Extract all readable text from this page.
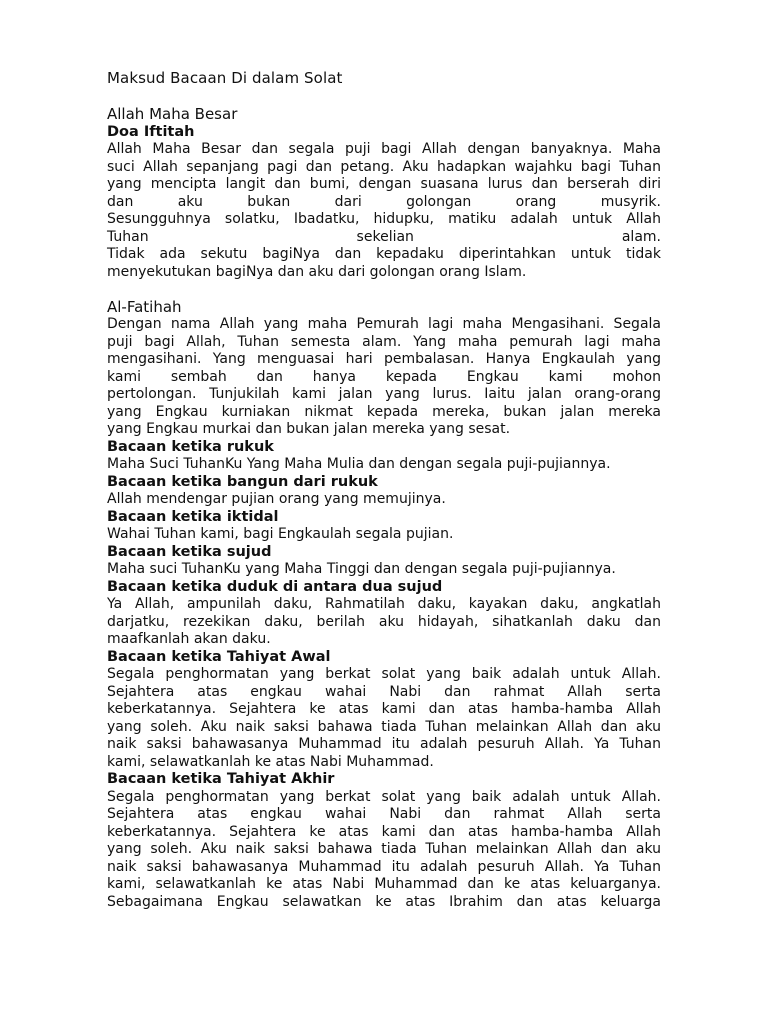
Maksud Bacaan Di dalam Solat
Allah Maha Besar
Doa Iftitah
Allah Maha Besar dan segala puji bagi Allah dengan banyaknya. Maha
suci Allah sepanjang pagi dan petang. Aku hadapkan wajahku bagi Tuhan
yang mencipta langit dan bumi, dengan suasana lurus dan berserah diri
dan aku bukan dari golongan orang musyrik.
Sesungguhnya solatku, Ibadatku, hidupku, matiku adalah untuk Allah
Tuhan sekelian alam.
Tidak ada sekutu bagiNya dan kepadaku diperintahkan untuk tidak
menyekutukan bagiNya dan aku dari golongan orang Islam.
Al-Fatihah
Dengan nama Allah yang maha Pemurah lagi maha Mengasihani. Segala
puji bagi Allah, Tuhan semesta alam. Yang maha pemurah lagi maha
mengasihani. Yang menguasai hari pembalasan. Hanya Engkaulah yang
kami sembah dan hanya kepada Engkau kami mohon
pertolongan. Tunjukilah kami jalan yang lurus. Iaitu jalan orang-orang
yang Engkau kurniakan nikmat kepada mereka, bukan jalan mereka
yang Engkau murkai dan bukan jalan mereka yang sesat.
Bacaan ketika rukuk
Maha Suci TuhanKu Yang Maha Mulia dan dengan segala puji-pujiannya.
Bacaan ketika bangun dari rukuk
Allah mendengar pujian orang yang memujinya.
Bacaan ketika iktidal
Wahai Tuhan kami, bagi Engkaulah segala pujian.
Bacaan ketika sujud
Maha suci TuhanKu yang Maha Tinggi dan dengan segala puji-pujiannya.
Bacaan ketika duduk di antara dua sujud
Ya Allah, ampunilah daku, Rahmatilah daku, kayakan daku, angkatlah
darjatku, rezekikan daku, berilah aku hidayah, sihatkanlah daku dan
maafkanlah akan daku.
Bacaan ketika Tahiyat Awal
Segala penghormatan yang berkat solat yang baik adalah untuk Allah.
Sejahtera atas engkau wahai Nabi dan rahmat Allah serta
keberkatannya. Sejahtera ke atas kami dan atas hamba-hamba Allah
yang soleh. Aku naik saksi bahawa tiada Tuhan melainkan Allah dan aku
naik saksi bahawasanya Muhammad itu adalah pesuruh Allah. Ya Tuhan
kami, selawatkanlah ke atas Nabi Muhammad.
Bacaan ketika Tahiyat Akhir
Segala penghormatan yang berkat solat yang baik adalah untuk Allah.
Sejahtera atas engkau wahai Nabi dan rahmat Allah serta
keberkatannya. Sejahtera ke atas kami dan atas hamba-hamba Allah
yang soleh. Aku naik saksi bahawa tiada Tuhan melainkan Allah dan aku
naik saksi bahawasanya Muhammad itu adalah pesuruh Allah. Ya Tuhan
kami, selawatkanlah ke atas Nabi Muhammad dan ke atas keluarganya.
Sebagaimana Engkau selawatkan ke atas Ibrahim dan atas keluarga
